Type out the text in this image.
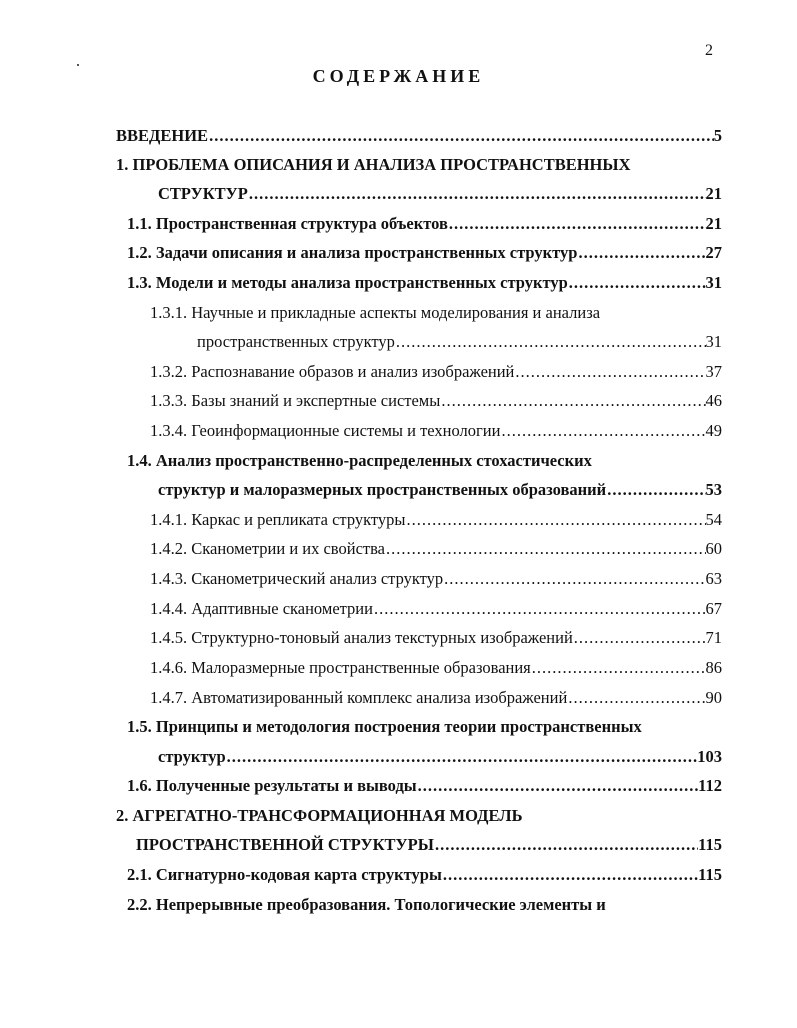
2
СОДЕРЖАНИЕ
ВВЕДЕНИЕ .....	5
1. ПРОБЛЕМА ОПИСАНИЯ И АНАЛИЗА ПРОСТРАНСТВЕННЫХ
СТРУКТУР .....	21
1.1. Пространственная структура объектов .....	21
1.2. Задачи описания и анализа пространственных структур .....	27
1.3. Модели и методы анализа пространственных структур .....	31
1.3.1. Научные и прикладные аспекты моделирования и анализа
пространственных структур .....	31
1.3.2. Распознавание образов и анализ изображений .....	37
1.3.3. Базы знаний и экспертные системы .....	46
1.3.4. Геоинформационные системы и технологии .....	49
1.4. Анализ пространственно-распределенных стохастических
структур и малоразмерных пространственных образований .....	53
1.4.1. Каркас и репликата структуры .....	54
1.4.2. Сканометрии и их свойства .....	60
1.4.3. Сканометрический анализ структур .....	63
1.4.4. Адаптивные сканометрии .....	67
1.4.5. Структурно-тоновый анализ текстурных изображений .....	71
1.4.6. Малоразмерные пространственные образования .....	86
1.4.7. Автоматизированный комплекс анализа изображений .....	90
1.5. Принципы и методология построения теории пространственных
структур .....	103
1.6. Полученные результаты и выводы .....	112
2. АГРЕГАТНО-ТРАНСФОРМАЦИОННАЯ МОДЕЛЬ
ПРОСТРАНСТВЕННОЙ СТРУКТУРЫ .....	115
2.1. Сигнатурно-кодовая карта структуры .....	115
2.2. Непрерывные преобразования. Топологические элементы и
